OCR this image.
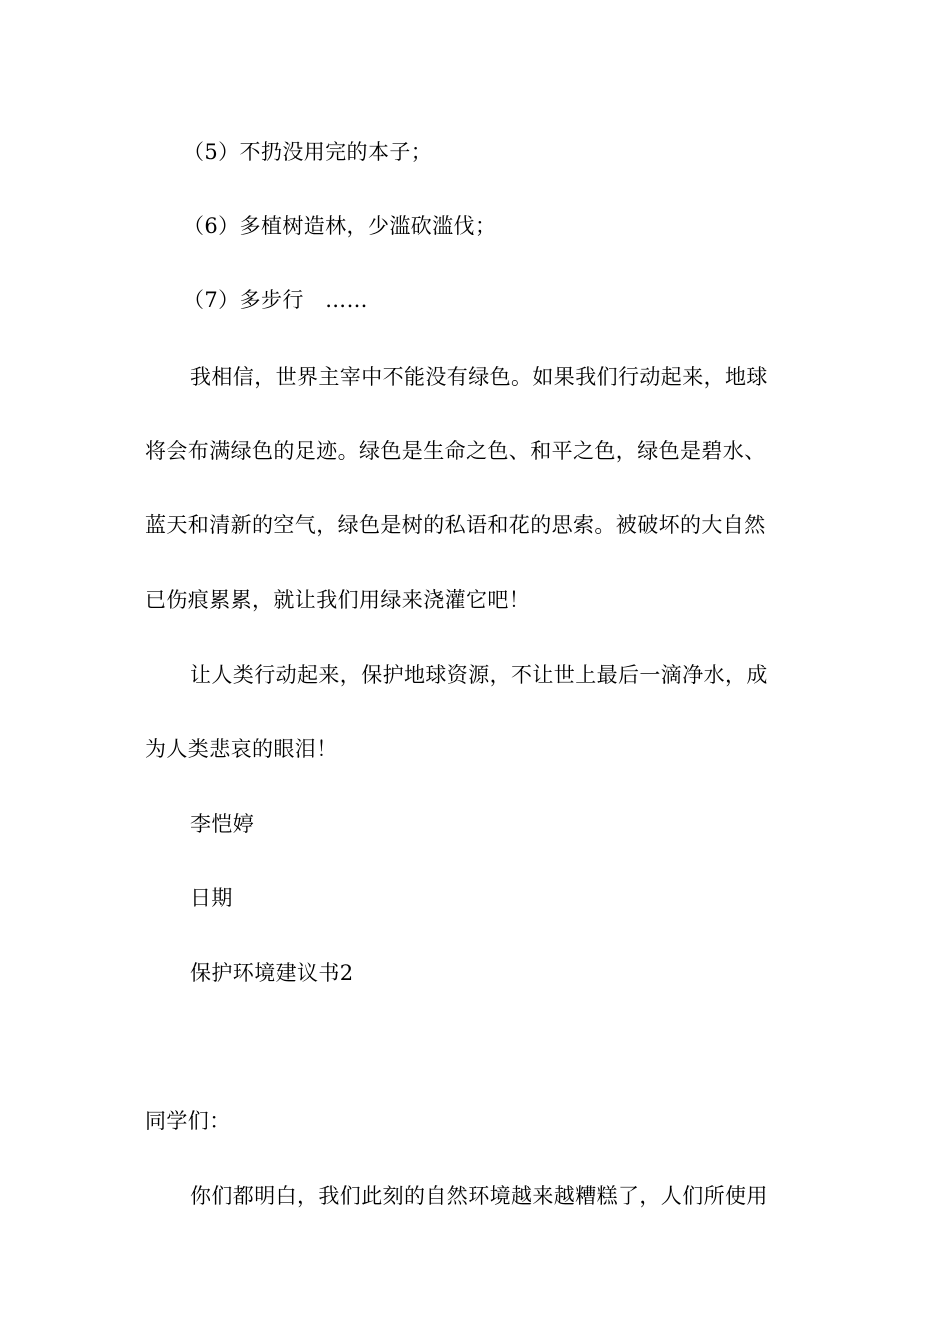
（5）不扔没用完的本子；
（6）多植树造林，少滥砍滥伐；
（7）多步行　……
我相信，世界主宰中不能没有绿色。如果我们行动起来，地球
将会布满绿色的足迹。绿色是生命之色、和平之色，绿色是碧水、
蓝天和清新的空气，绿色是树的私语和花的思索。被破坏的大自然
已伤痕累累，就让我们用绿来浇灌它吧！
让人类行动起来，保护地球资源，不让世上最后一滴净水，成
为人类悲哀的眼泪！
李恺婷
日期
保护环境建议书2
同学们：
你们都明白，我们此刻的自然环境越来越糟糕了，人们所使用
